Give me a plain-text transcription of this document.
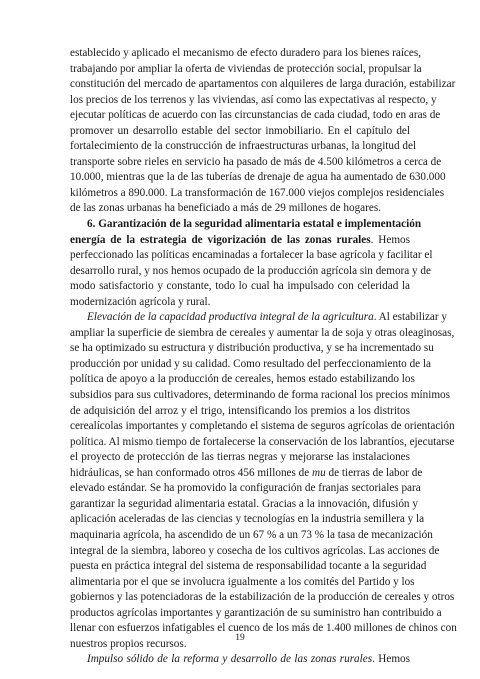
establecido y aplicado el mecanismo de efecto duradero para los bienes raíces,
trabajando por ampliar la oferta de viviendas de protección social, propulsar la
constitución del mercado de apartamentos con alquileres de larga duración, estabilizar
los precios de los terrenos y las viviendas, así como las expectativas al respecto, y
ejecutar políticas de acuerdo con las circunstancias de cada ciudad, todo en aras de
promover un desarrollo estable del sector inmobiliario. En el capítulo del
fortalecimiento de la construcción de infraestructuras urbanas, la longitud del
transporte sobre rieles en servicio ha pasado de más de 4.500 kilómetros a cerca de
10.000, mientras que la de las tuberías de drenaje de agua ha aumentado de 630.000
kilómetros a 890.000. La transformación de 167.000 viejos complejos residenciales
de las zonas urbanas ha beneficiado a más de 29 millones de hogares.

6. Garantización de la seguridad alimentaria estatal e implementación
energía de la estrategia de vigorización de las zonas rurales. Hemos
perfeccionado las políticas encaminadas a fortalecer la base agrícola y facilitar el
desarrollo rural, y nos hemos ocupado de la producción agrícola sin demora y de
modo satisfactorio y constante, todo lo cual ha impulsado con celeridad la
modernización agrícola y rural.

Elevación de la capacidad productiva integral de la agricultura. Al estabilizar y
ampliar la superficie de siembra de cereales y aumentar la de soja y otras oleaginosas,
se ha optimizado su estructura y distribución productiva, y se ha incrementado su
producción por unidad y su calidad. Como resultado del perfeccionamiento de la
política de apoyo a la producción de cereales, hemos estado estabilizando los
subsidios para sus cultivadores, determinando de forma racional los precios mínimos
de adquisición del arroz y el trigo, intensificando los premios a los distritos
cerealícolas importantes y completando el sistema de seguros agrícolas de orientación
política. Al mismo tiempo de fortalecerse la conservación de los labrantíos, ejecutarse
el proyecto de protección de las tierras negras y mejorarse las instalaciones
hidráulicas, se han conformado otros 456 millones de mu de tierras de labor de
elevado estándar. Se ha promovido la configuración de franjas sectoriales para
garantizar la seguridad alimentaria estatal. Gracias a la innovación, difusión y
aplicación aceleradas de las ciencias y tecnologías en la industria semillera y la
maquinaria agrícola, ha ascendido de un 67 % a un 73 % la tasa de mecanización
integral de la siembra, laboreo y cosecha de los cultivos agrícolas. Las acciones de
puesta en práctica integral del sistema de responsabilidad tocante a la seguridad
alimentaria por el que se involucra igualmente a los comités del Partido y los
gobiernos y las potenciadoras de la estabilización de la producción de cereales y otros
productos agrícolas importantes y garantización de su suministro han contribuido a
llenar con esfuerzos infatigables el cuenco de los más de 1.400 millones de chinos con
nuestros propios recursos.

Impulso sólido de la reforma y desarrollo de las zonas rurales. Hemos

19
